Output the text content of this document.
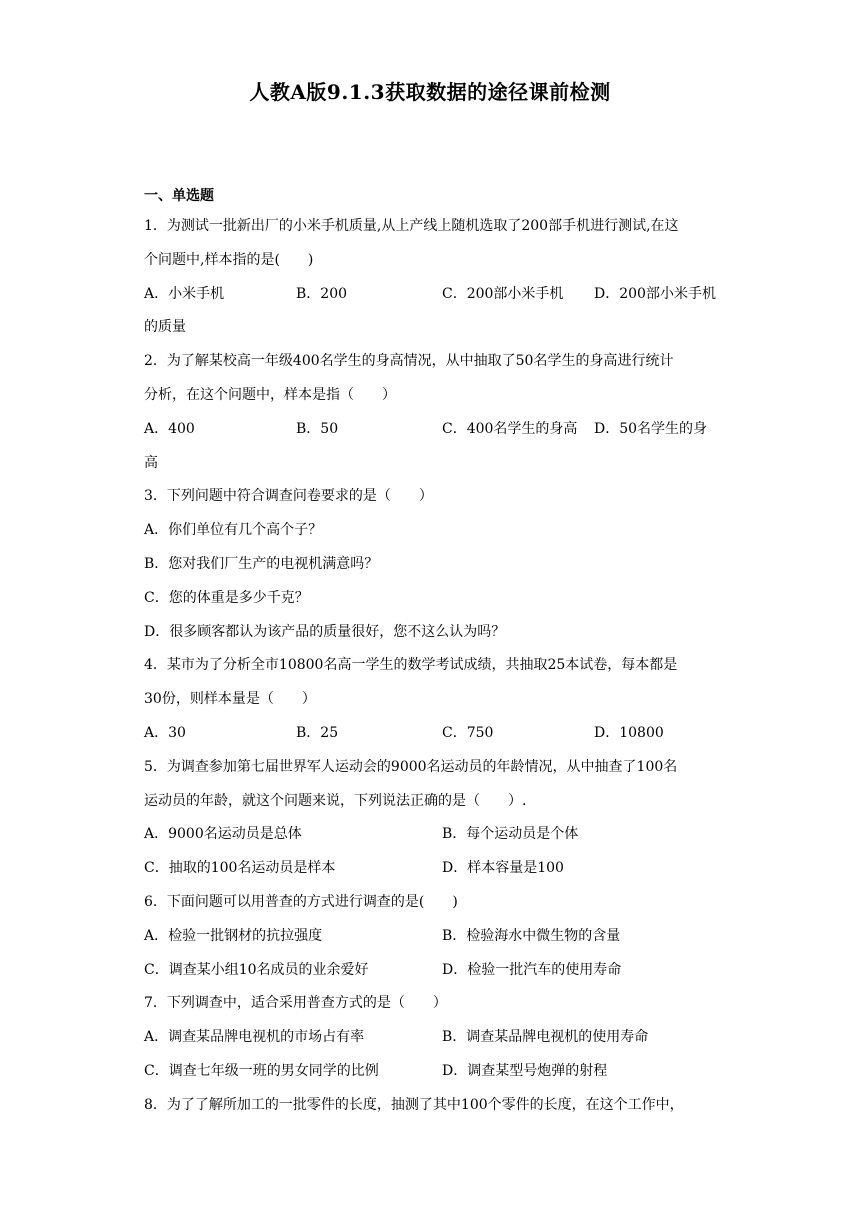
人教A版9.1.3获取数据的途径课前检测
一、单选题
1．为测试一批新出厂的小米手机质量,从上产线上随机选取了200部手机进行测试,在这
个问题中,样本指的是(　　)
A．小米手机	B．200	C．200部小米手机 D．200部小米手机
的质量
2．为了解某校高一年级400名学生的身高情况，从中抽取了50名学生的身高进行统计
分析，在这个问题中，样本是指（　　）
A．400	B．50	C．400名学生的身高 D．50名学生的身
高
3．下列问题中符合调查问卷要求的是（　　）
A．你们单位有几个高个子？
B．您对我们厂生产的电视机满意吗？
C．您的体重是多少千克？
D．很多顾客都认为该产品的质量很好，您不这么认为吗？
4．某市为了分析全市10800名高一学生的数学考试成绩，共抽取25本试卷，每本都是
30份，则样本量是（　　）
A．30	B．25	C．750	D．10800
5．为调查参加第七届世界军人运动会的9000名运动员的年龄情况，从中抽查了100名
运动员的年龄，就这个问题来说，下列说法正确的是（　　）.
A．9000名运动员是总体	B．每个运动员是个体
C．抽取的100名运动员是样本	D．样本容量是100
6．下面问题可以用普查的方式进行调查的是(　　)
A．检验一批钢材的抗拉强度	B．检验海水中微生物的含量
C．调查某小组10名成员的业余爱好	D．检验一批汽车的使用寿命
7．下列调查中，适合采用普查方式的是（　　）
A．调查某品牌电视机的市场占有率	B．调查某品牌电视机的使用寿命
C．调查七年级一班的男女同学的比例	D．调查某型号炮弹的射程
8．为了了解所加工的一批零件的长度，抽测了其中100个零件的长度，在这个工作中，
